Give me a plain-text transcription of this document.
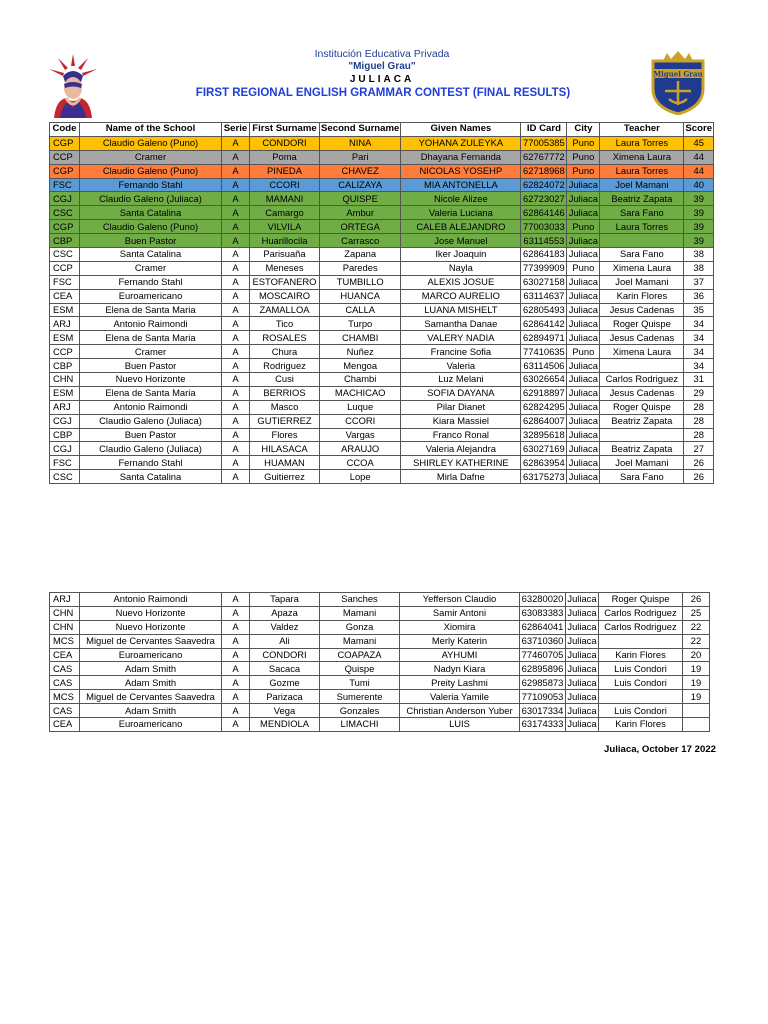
Miguel Grau
Institución Educativa Privada
"Miguel Grau"
JULIACA
FIRST REGIONAL ENGLISH GRAMMAR CONTEST (FINAL RESULTS)
Code	Name of the School	Serie	First Surname	Second Surname	Given Names	ID Card	City	Teacher	Score
CGP	Claudio Galeno (Puno)	A	CONDORI	NINA	YOHANA ZULEYKA	77005385	Puno	Laura Torres	45
CCP	Cramer	A	Poma	Pari	Dhayana Fernanda	62767772	Puno	Ximena Laura	44
CGP	Claudio Galeno (Puno)	A	PINEDA	CHAVEZ	NICOLAS YOSEHP	62718968	Puno	Laura Torres	44
FSC	Fernando Stahl	A	CCORI	CALIZAYA	MIA ANTONELLA	62824072	Juliaca	Joel Mamani	40
CGJ	Claudio Galeno (Juliaca)	A	MAMANI	QUISPE	Nicole Alizee	62723027	Juliaca	Beatriz Zapata	39
CSC	Santa Catalina	A	Camargo	Ambur	Valeria Luciana	62864146	Juliaca	Sara Fano	39
CGP	Claudio Galeno (Puno)	A	VILVILA	ORTEGA	CALEB ALEJANDRO	77003033	Puno	Laura Torres	39
CBP	Buen Pastor	A	Huarillocila	Carrasco	Jose Manuel	63114553	Juliaca		39
CSC	Santa Catalina	A	Parisuaña	Zapana	Iker Joaquin	62864183	Juliaca	Sara Fano	38
CCP	Cramer	A	Meneses	Paredes	Nayla	77399909	Puno	Ximena Laura	38
FSC	Fernando Stahl	A	ESTOFANERO	TUMBILLO	ALEXIS JOSUE	63027158	Juliaca	Joel Mamani	37
CEA	Euroamericano	A	MOSCAIRO	HUANCA	MARCO AURELIO	63114637	Juliaca	Karin Flores	36
ESM	Elena de Santa Maria	A	ZAMALLOA	CALLA	LUANA MISHELT	62805493	Juliaca	Jesus Cadenas	35
ARJ	Antonio Raimondi	A	Tico	Turpo	Samantha Danae	62864142	Juliaca	Roger Quispe	34
ESM	Elena de Santa Maria	A	ROSALES	CHAMBI	VALERY NADIA	62894971	Juliaca	Jesus Cadenas	34
CCP	Cramer	A	Chura	Nuñez	Francine Sofia	77410635	Puno	Ximena Laura	34
CBP	Buen Pastor	A	Rodriguez	Mengoa	Valeria	63114506	Juliaca		34
CHN	Nuevo Horizonte	A	Cusi	Chambi	Luz Melani	63026654	Juliaca	Carlos Rodriguez	31
ESM	Elena de Santa Maria	A	BERRIOS	MACHICAO	SOFIA DAYANA	62918897	Juliaca	Jesus Cadenas	29
ARJ	Antonio Raimondi	A	Masco	Luque	Pilar Dianet	62824295	Juliaca	Roger Quispe	28
CGJ	Claudio Galeno (Juliaca)	A	GUTIERREZ	CCORI	Kiara Massiel	62864007	Juliaca	Beatriz Zapata	28
CBP	Buen Pastor	A	Flores	Vargas	Franco Ronal	32895618	Juliaca		28
CGJ	Claudio Galeno (Juliaca)	A	HILASACA	ARAUJO	Valeria Alejandra	63027169	Juliaca	Beatriz Zapata	27
FSC	Fernando Stahl	A	HUAMAN	CCOA	SHIRLEY KATHERINE	62863954	Juliaca	Joel Mamani	26
CSC	Santa Catalina	A	Guitierrez	Lope	Mirla Dafne	63175273	Juliaca	Sara Fano	26
ARJ	Antonio Raimondi	A	Tapara	Sanches	Yefferson Claudio	63280020	Juliaca	Roger Quispe	26
CHN	Nuevo Horizonte	A	Apaza	Mamani	Samir Antoni	63083383	Juliaca	Carlos Rodriguez	25
CHN	Nuevo Horizonte	A	Valdez	Gonza	Xiomira	62864041	Juliaca	Carlos Rodriguez	22
MCS	Miguel de Cervantes Saavedra	A	Ali	Mamani	Merly Katerin	63710360	Juliaca		22
CEA	Euroamericano	A	CONDORI	COAPAZA	AYHUMI	77460705	Juliaca	Karin Flores	20
CAS	Adam Smith	A	Sacaca	Quispe	Nadyn Kiara	62895896	Juliaca	Luis Condori	19
CAS	Adam Smith	A	Gozme	Tumi	Preity Lashmi	62985873	Juliaca	Luis Condori	19
MCS	Miguel de Cervantes Saavedra	A	Parizaca	Sumerente	Valeria Yamile	77109053	Juliaca		19
CAS	Adam Smith	A	Vega	Gonzales	Christian Anderson Yuber	63017334	Juliaca	Luis Condori	
CEA	Euroamericano	A	MENDIOLA	LIMACHI	LUIS	63174333	Juliaca	Karin Flores	
Juliaca, October 17 2022
